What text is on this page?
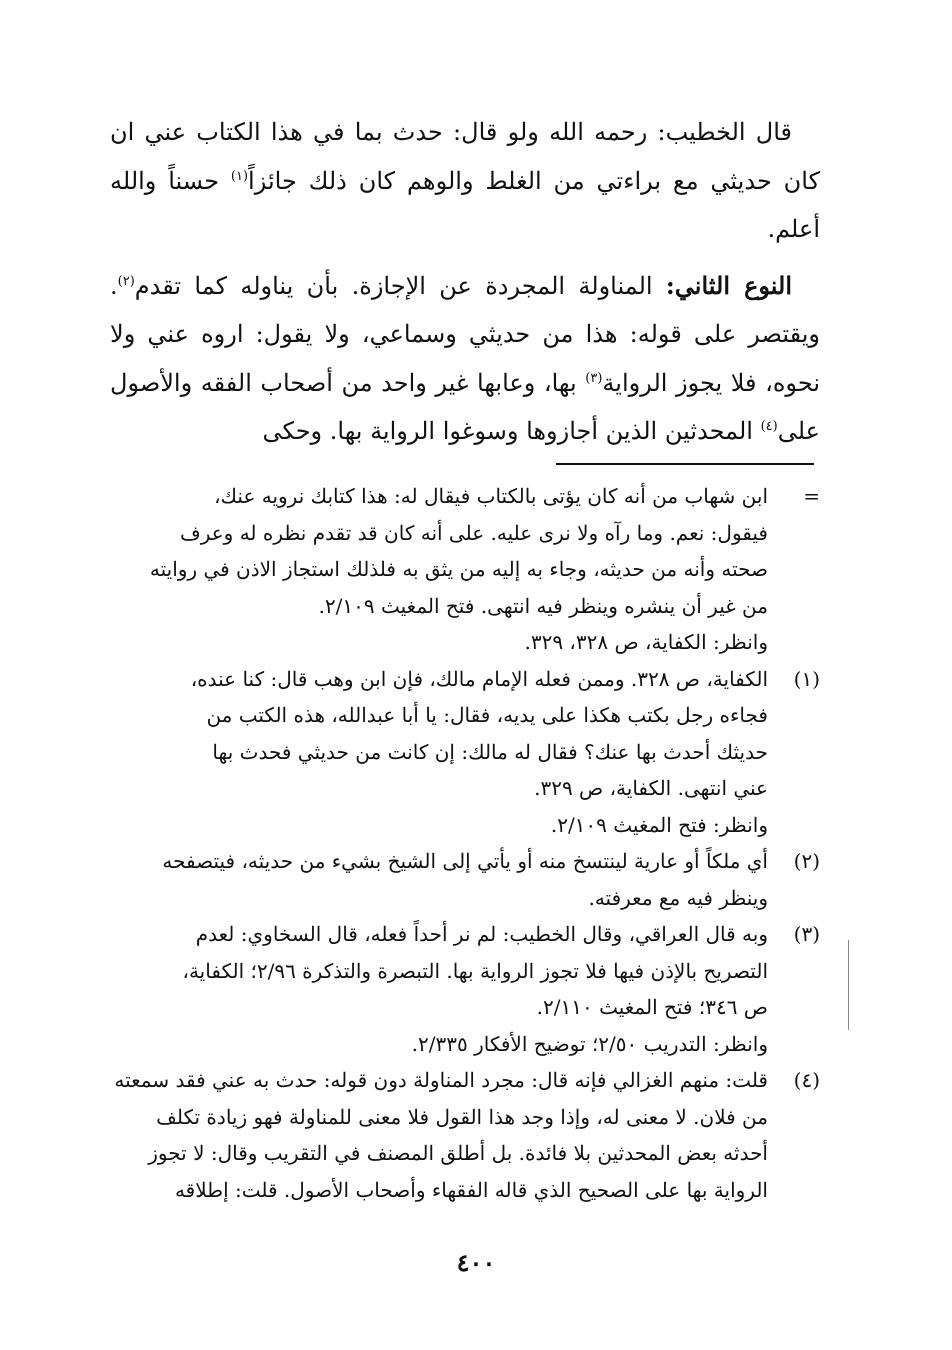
قال الخطيب: رحمه الله ولو قال: حدث بما في هذا الكتاب عني ان كان حديثي مع براءتي من الغلط والوهم كان ذلك جائزاً$^{(١)}$ حسناً والله أعلم.

النوع الثاني: المناولة المجردة عن الإجازة. بأن يناوله كما تقدم$^{(٢)}$. ويقتصر على قوله: هذا من حديثي وسماعي، ولا يقول: اروه عني ولا نحوه، فلا يجوز الرواية$^{(٣)}$ بها، وعابها غير واحد من أصحاب الفقه والأصول على$^{(٤)}$ المحدثين الذين أجازوها وسوغوا الرواية بها. وحكى

=
ابن شهاب من أنه كان يؤتى بالكتاب فيقال له: هذا كتابك نرويه عنك،
فيقول: نعم. وما رآه ولا نرى عليه. على أنه كان قد تقدم نظره له وعرف
صحته وأنه من حديثه، وجاء به إليه من يثق به فلذلك استجاز الاذن في روايته
من غير أن ينشره وينظر فيه انتهى. فتح المغيث ٢/١٠٩.
وانظر: الكفاية، ص ٣٢٨، ٣٢٩.
(١)
الكفاية، ص ٣٢٨. وممن فعله الإمام مالك، فإن ابن وهب قال: كنا عنده،
فجاءه رجل بكتب هكذا على يديه، فقال: يا أبا عبدالله، هذه الكتب من
حديثك أحدث بها عنك؟ فقال له مالك: إن كانت من حديثي فحدث بها
عني انتهى. الكفاية، ص ٣٢٩.
وانظر: فتح المغيث ٢/١٠٩.
(٢)
أي ملكاً أو عارية لينتسخ منه أو يأتي إلى الشيخ بشيء من حديثه، فيتصفحه
وينظر فيه مع معرفته.
(٣)
وبه قال العراقي، وقال الخطيب: لم نر أحداً فعله، قال السخاوي: لعدم
التصريح بالإذن فيها فلا تجوز الرواية بها. التبصرة والتذكرة ٢/٩٦؛ الكفاية،
ص ٣٤٦؛ فتح المغيث ٢/١١٠.
وانظر: التدريب ٢/٥٠؛ توضيح الأفكار ٢/٣٣٥.
(٤)
قلت: منهم الغزالي فإنه قال: مجرد المناولة دون قوله: حدث به عني فقد سمعته
من فلان. لا معنى له، وإذا وجد هذا القول فلا معنى للمناولة فهو زيادة تكلف
أحدثه بعض المحدثين بلا فائدة. بل أطلق المصنف في التقريب وقال: لا تجوز
الرواية بها على الصحيح الذي قاله الفقهاء وأصحاب الأصول. قلت: إطلاقه
٤٠٠
